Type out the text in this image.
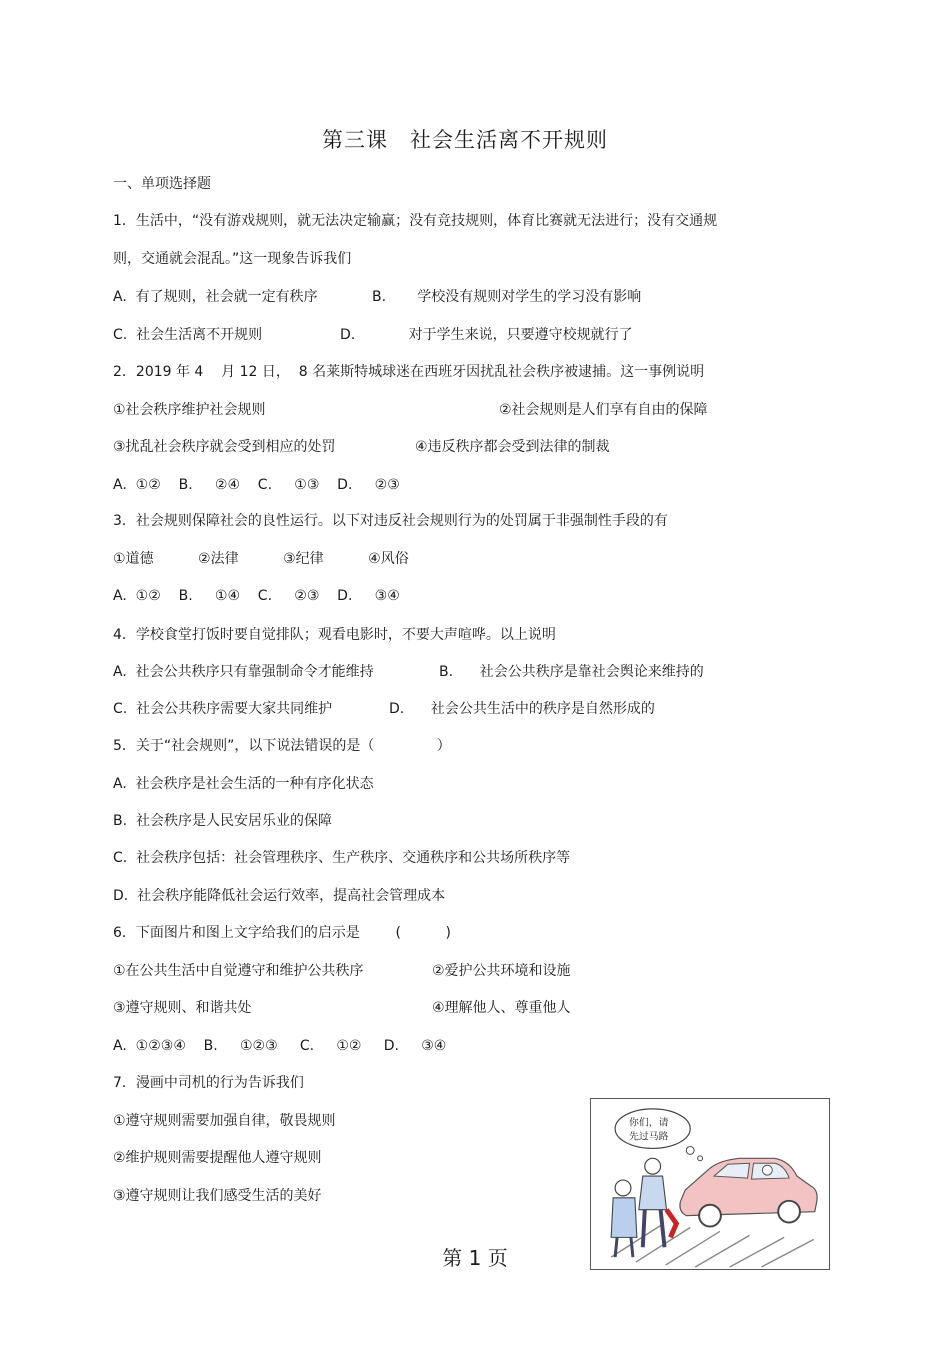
第三课　社会生活离不开规则
一、单项选择题
1．生活中，“没有游戏规则，就无法决定输赢；没有竞技规则，体育比赛就无法进行；没有交通规
则，交通就会混乱。”这一现象告诉我们
A.  有了规则，社会就一定有秩序	B.       学校没有规则对学生的学习没有影响
C.  社会生活离不开规则	D.            对于学生来说，只要遵守校规就行了
2．2019 年 4    月 12 日，  8 名莱斯特城球迷在西班牙因扰乱社会秩序被逮捕。这一事例说明
①社会秩序维护社会规则	②社会规则是人们享有自由的保障
③扰乱社会秩序就会受到相应的处罚	④违反秩序都会受到法律的制裁
A.  ①②    B.     ②④    C.     ①③    D.     ②③
3．社会规则保障社会的良性运行。以下对违反社会规则行为的处罚属于非强制性手段的有
①道德          ②法律          ③纪律          ④风俗
A.  ①②    B.     ①④    C.     ②③    D.     ③④
4．学校食堂打饭时要自觉排队；观看电影时，不要大声喧哗。以上说明
A.  社会公共秩序只有靠强制命令才能维持	B.      社会公共秩序是靠社会舆论来维持的
C.  社会公共秩序需要大家共同维护	D.      社会公共生活中的秩序是自然形成的
5．关于“社会规则”，以下说法错误的是（              ）
A.  社会秩序是社会生活的一种有序化状态
B.  社会秩序是人民安居乐业的保障
C.  社会秩序包括：社会管理秩序、生产秩序、交通秩序和公共场所秩序等
D.  社会秩序能降低社会运行效率，提高社会管理成本
6．下面图片和图上文字给我们的启示是        (          )
①在公共生活中自觉遵守和维护公共秩序	②爱护公共环境和设施
③遵守规则、和谐共处	④理解他人、尊重他人
A.  ①②③④    B.     ①②③     C.     ①②     D.     ③④
7．漫画中司机的行为告诉我们
①遵守规则需要加强自律，敬畏规则
②维护规则需要提醒他人遵守规则
③遵守规则让我们感受生活的美好
你们，请
先过马路
第 1 页
